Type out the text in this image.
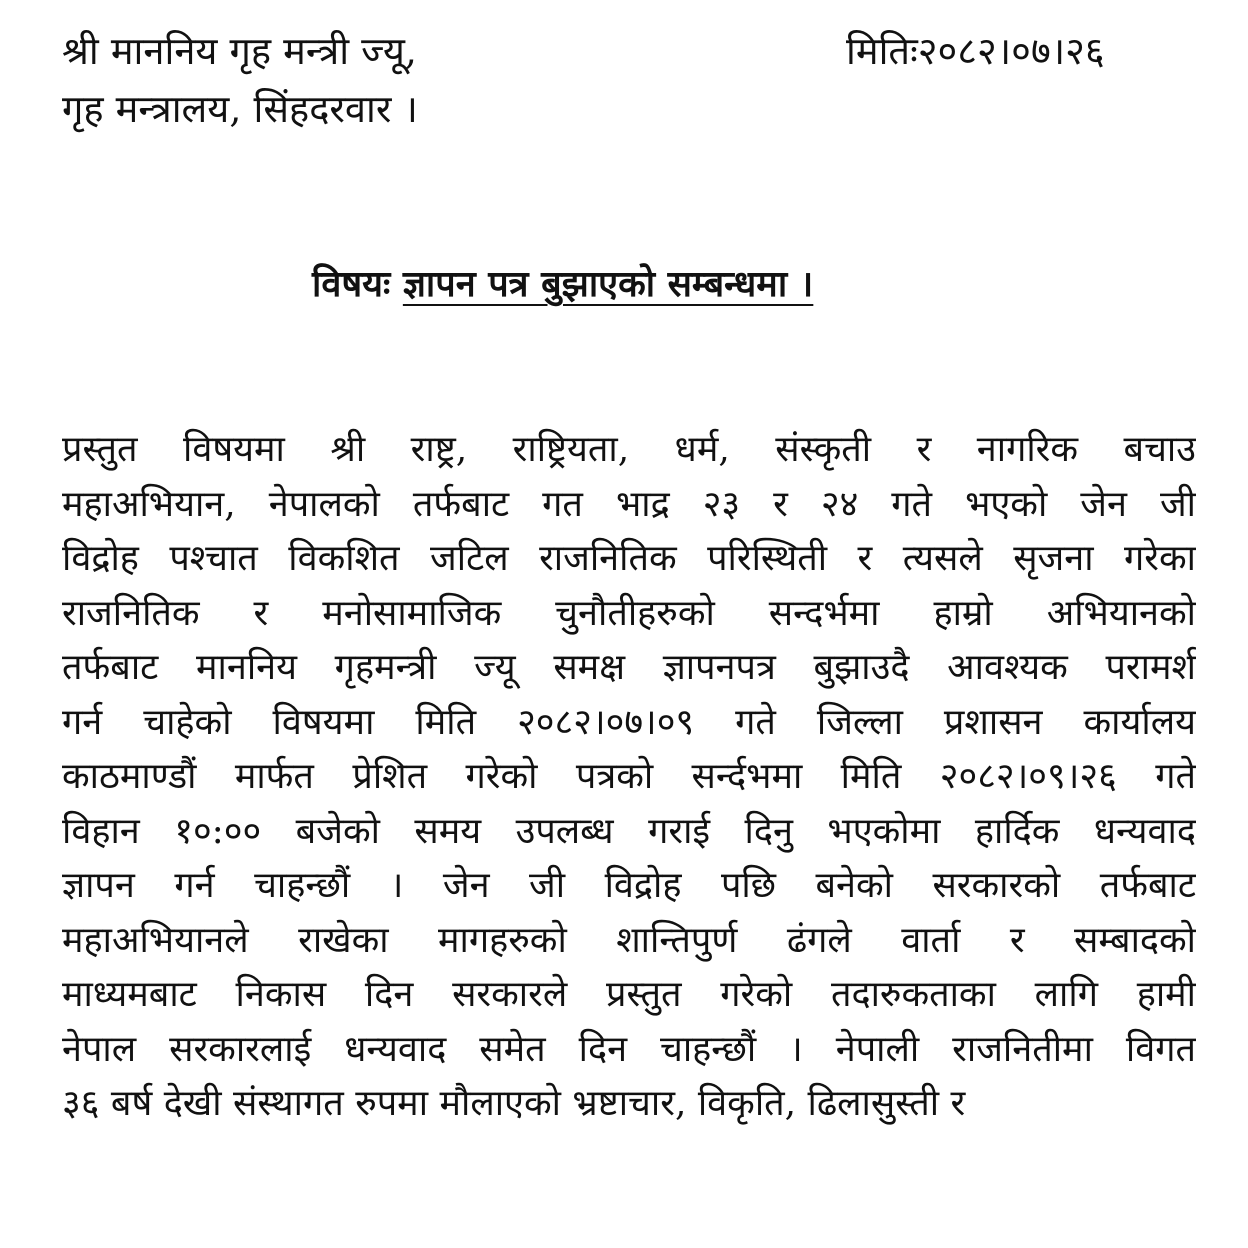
श्री माननिय गृह मन्त्री ज्यू,
गृह मन्त्रालय, सिंहदरवार ।
मितिः२०८२।०७।२६
विषयः ज्ञापन पत्र बुझाएको सम्बन्धमा ।
प्रस्तुत विषयमा श्री राष्ट्र, राष्ट्रियता, धर्म, संस्कृती र नागरिक बचाउ
महाअभियान, नेपालको तर्फबाट गत भाद्र २३ र २४ गते भएको जेन जी
विद्रोह पश्चात विकशित जटिल राजनितिक परिस्थिती र त्यसले सृजना गरेका
राजनितिक र मनोसामाजिक चुनौतीहरुको सन्दर्भमा हाम्रो अभियानको
तर्फबाट माननिय गृहमन्त्री ज्यू समक्ष ज्ञापनपत्र बुझाउदै आवश्यक परामर्श
गर्न चाहेको विषयमा मिति २०८२।०७।०९ गते जिल्ला प्रशासन कार्यालय
काठमाण्डौं मार्फत प्रेशित गरेको पत्रको सर्न्दभमा मिति २०८२।०९।२६ गते
विहान १०:०० बजेको समय उपलब्ध गराई दिनु भएकोमा हार्दिक धन्यवाद
ज्ञापन गर्न चाहन्छौं । जेन जी विद्रोह पछि बनेको सरकारको तर्फबाट
महाअभियानले राखेका मागहरुको शान्तिपुर्ण ढंगले वार्ता र सम्बादको
माध्यमबाट निकास दिन सरकारले प्रस्तुत गरेको तदारुकताका लागि हामी
नेपाल सरकारलाई धन्यवाद समेत दिन चाहन्छौं । नेपाली राजनितीमा विगत
३६ बर्ष देखी संस्थागत रुपमा मौलाएको भ्रष्टाचार, विकृति, ढिलासुस्ती र
